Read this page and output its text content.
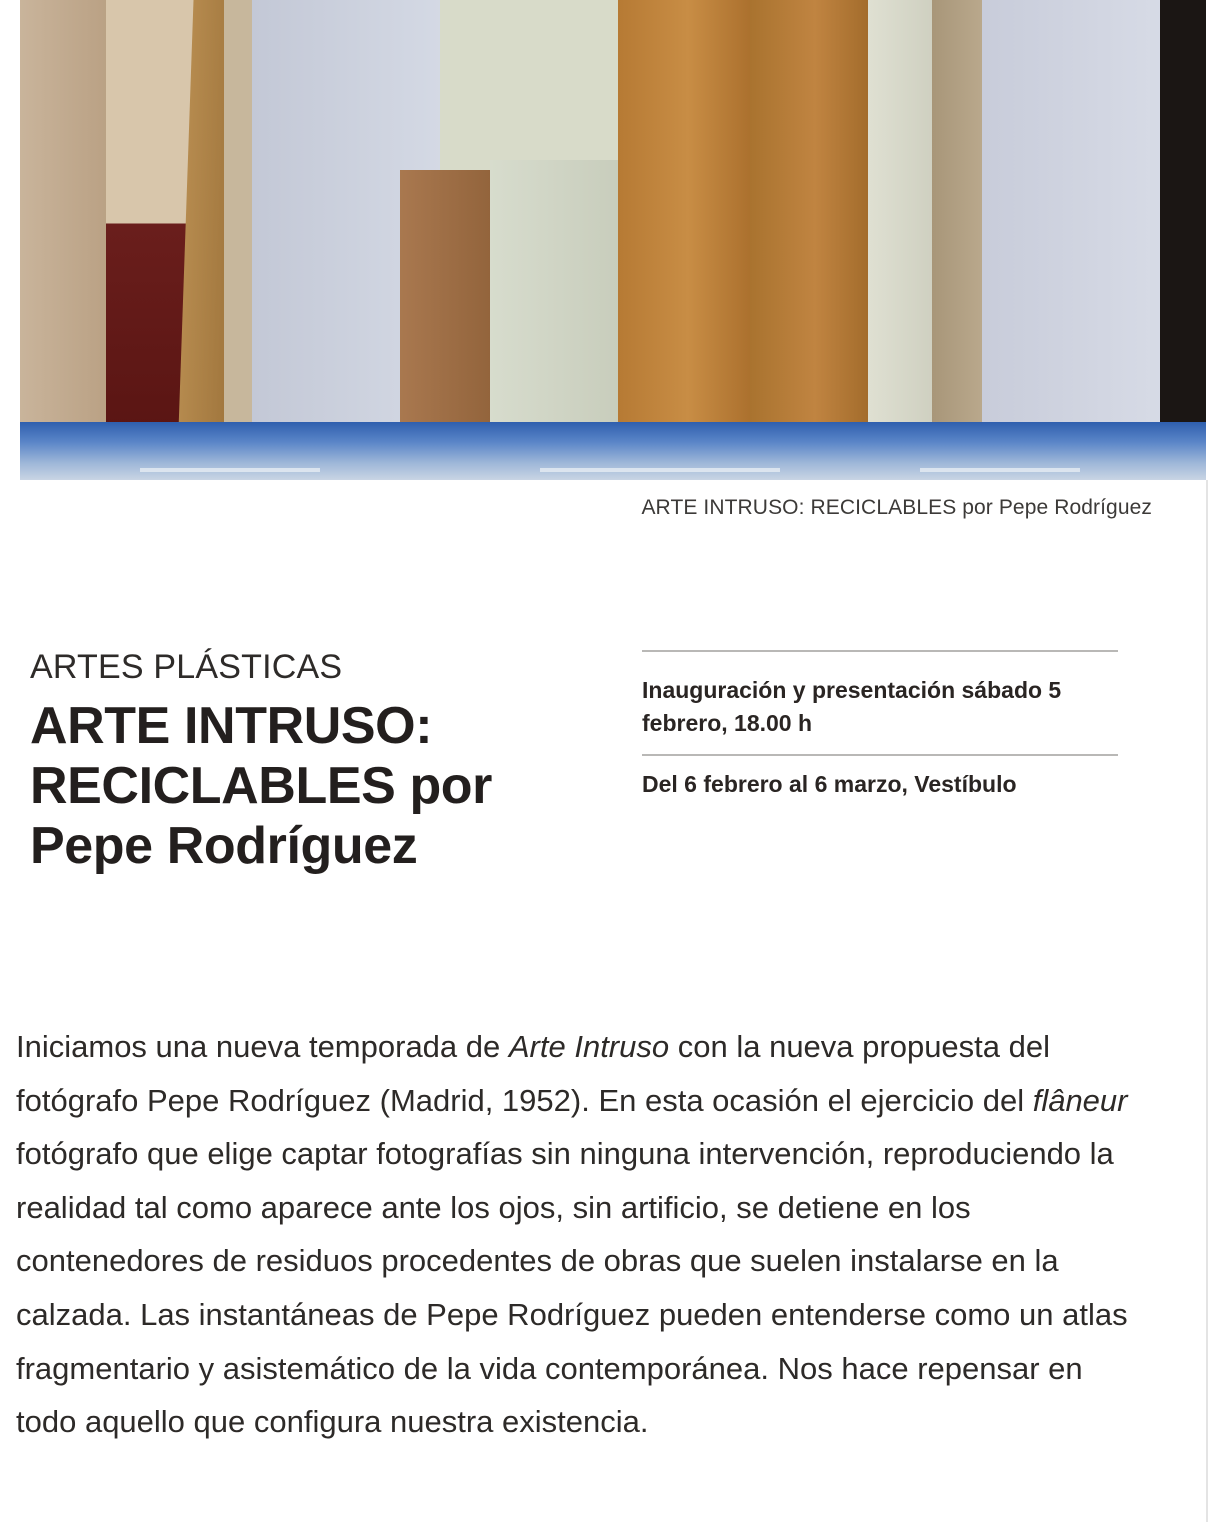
ARTE INTRUSO: RECICLABLES por Pepe Rodríguez
ARTES PLÁSTICAS
ARTE INTRUSO:
RECICLABLES por
Pepe Rodríguez
Inauguración y presentación sábado 5 febrero, 18.00 h
Del 6 febrero al 6 marzo, Vestíbulo

Iniciamos una nueva temporada de Arte Intruso con la nueva propuesta del fotógrafo Pepe Rodríguez (Madrid, 1952). En esta ocasión el ejercicio del flâneur fotógrafo que elige captar fotografías sin ninguna intervención, reproduciendo la realidad tal como aparece ante los ojos, sin artificio, se detiene en los contenedores de residuos procedentes de obras que suelen instalarse en la calzada. Las instantáneas de Pepe Rodríguez pueden entenderse como un atlas fragmentario y asistemático de la vida contemporánea. Nos hace repensar en todo aquello que configura nuestra existencia.
